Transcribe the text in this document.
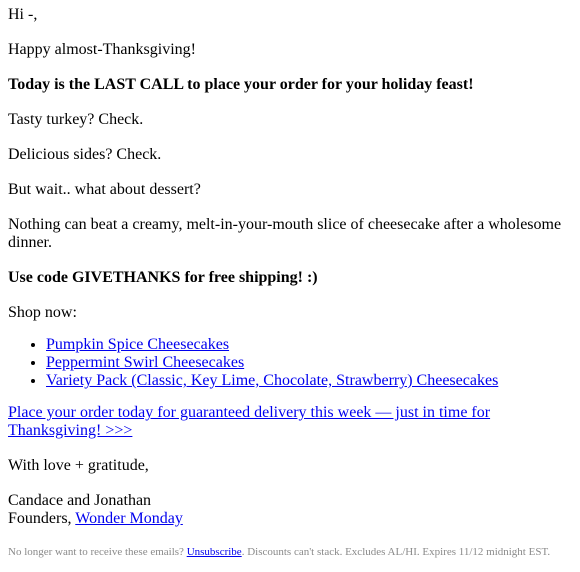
Hi -,

Happy almost-Thanksgiving!

Today is the LAST CALL to place your order for your holiday feast!

Tasty turkey? Check.

Delicious sides? Check.

But wait.. what about dessert?

Nothing can beat a creamy, melt-in-your-mouth slice of cheesecake after a wholesome dinner.

Use code GIVETHANKS for free shipping! :)

Shop now:

• Pumpkin Spice Cheesecakes
• Peppermint Swirl Cheesecakes
• Variety Pack (Classic, Key Lime, Chocolate, Strawberry) Cheesecakes

Place your order today for guaranteed delivery this week — just in time for Thanksgiving! >>>

With love + gratitude,

Candace and Jonathan

Founders, Wonder Monday

No longer want to receive these emails? Unsubscribe. Discounts can't stack. Excludes AL/HI. Expires 11/12 midnight EST.
